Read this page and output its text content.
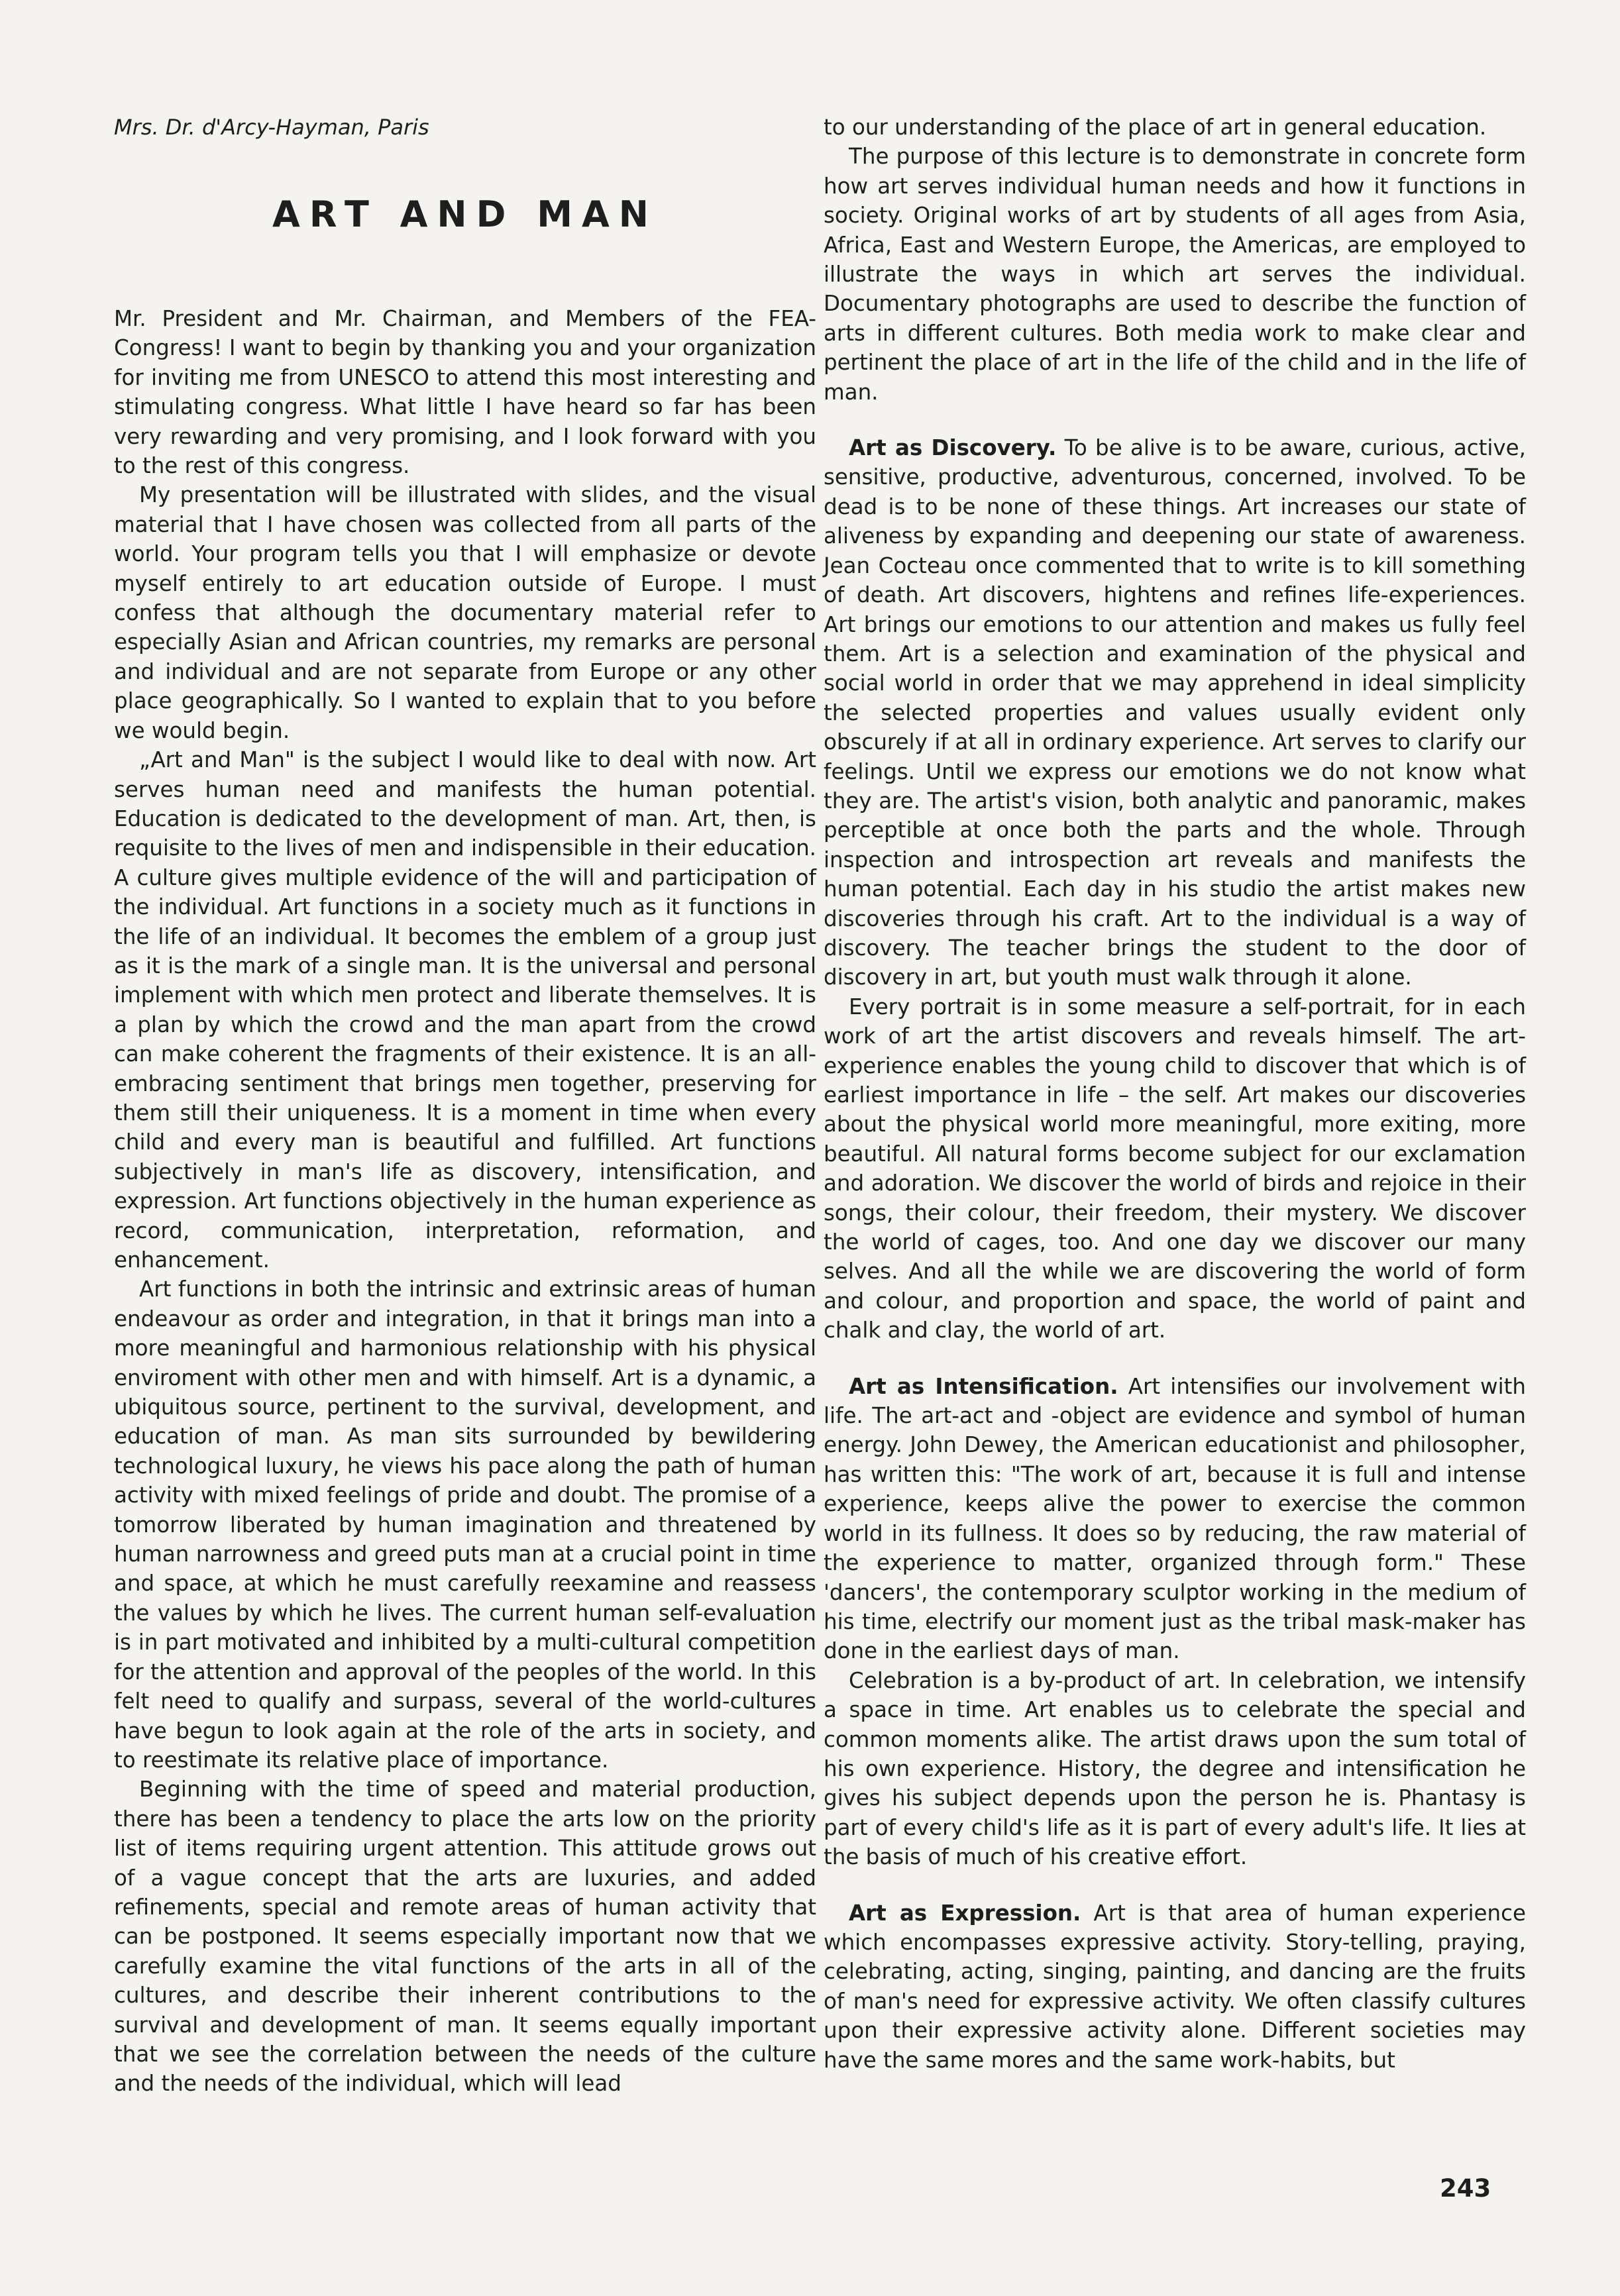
Mrs. Dr. d'Arcy-Hayman, Paris
ART AND MAN

Mr. President and Mr. Chairman, and Members of the FEA-Congress! I want to begin by thanking you and your organization for inviting me from UNESCO to attend this most interesting and stimulating congress. What little I have heard so far has been very rewarding and very promising, and I look forward with you to the rest of this congress.

My presentation will be illustrated with slides, and the visual material that I have chosen was collected from all parts of the world. Your program tells you that I will emphasize or devote myself entirely to art education outside of Europe. I must confess that although the documentary material refer to especially Asian and African countries, my remarks are personal and individual and are not separate from Europe or any other place geographically. So I wanted to explain that to you before we would begin.

„Art and Man" is the subject I would like to deal with now. Art serves human need and manifests the human potential. Education is dedicated to the development of man. Art, then, is requisite to the lives of men and indispensible in their education. A culture gives multiple evidence of the will and participation of the individual. Art functions in a society much as it functions in the life of an individual. It becomes the emblem of a group just as it is the mark of a single man. It is the universal and personal implement with which men protect and liberate themselves. It is a plan by which the crowd and the man apart from the crowd can make coherent the fragments of their existence. It is an all-embracing sentiment that brings men together, preserving for them still their uniqueness. It is a moment in time when every child and every man is beautiful and fulfilled. Art functions subjectively in man's life as discovery, intensification, and expression. Art functions objectively in the human experience as record, communication, interpretation, reformation, and enhancement.

Art functions in both the intrinsic and extrinsic areas of human endeavour as order and integration, in that it brings man into a more meaningful and harmonious relationship with his physical enviroment with other men and with himself. Art is a dynamic, a ubiquitous source, pertinent to the survival, development, and education of man. As man sits surrounded by bewildering technological luxury, he views his pace along the path of human activity with mixed feelings of pride and doubt. The promise of a tomorrow liberated by human imagination and threatened by human narrowness and greed puts man at a crucial point in time and space, at which he must carefully reexamine and reassess the values by which he lives. The current human self-evaluation is in part motivated and inhibited by a multi-cultural competition for the attention and approval of the peoples of the world. In this felt need to qualify and surpass, several of the world-cultures have begun to look again at the role of the arts in society, and to reestimate its relative place of importance.

Beginning with the time of speed and material production, there has been a tendency to place the arts low on the priority list of items requiring urgent attention. This attitude grows out of a vague concept that the arts are luxuries, and added refinements, special and remote areas of human activity that can be postponed. It seems especially important now that we carefully examine the vital functions of the arts in all of the cultures, and describe their inherent contributions to the survival and development of man. It seems equally important that we see the correlation between the needs of the culture and the needs of the individual, which will lead

to our understanding of the place of art in general education.

The purpose of this lecture is to demonstrate in concrete form how art serves individual human needs and how it functions in society. Original works of art by students of all ages from Asia, Africa, East and Western Europe, the Americas, are employed to illustrate the ways in which art serves the individual. Documentary photographs are used to describe the function of arts in different cultures. Both media work to make clear and pertinent the place of art in the life of the child and in the life of man.

Art as Discovery. To be alive is to be aware, curious, active, sensitive, productive, adventurous, concerned, involved. To be dead is to be none of these things. Art increases our state of aliveness by expanding and deepening our state of awareness. Jean Cocteau once commented that to write is to kill something of death. Art discovers, hightens and refines life-experiences. Art brings our emotions to our attention and makes us fully feel them. Art is a selection and examination of the physical and social world in order that we may apprehend in ideal simplicity the selected properties and values usually evident only obscurely if at all in ordinary experience. Art serves to clarify our feelings. Until we express our emotions we do not know what they are. The artist's vision, both analytic and panoramic, makes perceptible at once both the parts and the whole. Through inspection and introspection art reveals and manifests the human potential. Each day in his studio the artist makes new discoveries through his craft. Art to the individual is a way of discovery. The teacher brings the student to the door of discovery in art, but youth must walk through it alone.

Every portrait is in some measure a self-portrait, for in each work of art the artist discovers and reveals himself. The art-experience enables the young child to discover that which is of earliest importance in life – the self. Art makes our discoveries about the physical world more meaningful, more exiting, more beautiful. All natural forms become subject for our exclamation and adoration. We discover the world of birds and rejoice in their songs, their colour, their freedom, their mystery. We discover the world of cages, too. And one day we discover our many selves. And all the while we are discovering the world of form and colour, and proportion and space, the world of paint and chalk and clay, the world of art.

Art as Intensification. Art intensifies our involvement with life. The art-act and -object are evidence and symbol of human energy. John Dewey, the American educationist and philosopher, has written this: "The work of art, because it is full and intense experience, keeps alive the power to exercise the common world in its fullness. It does so by reducing, the raw material of the experience to matter, organized through form." These 'dancers', the contemporary sculptor working in the medium of his time, electrify our moment just as the tribal mask-maker has done in the earliest days of man.

Celebration is a by-product of art. In celebration, we intensify a space in time. Art enables us to celebrate the special and common moments alike. The artist draws upon the sum total of his own experience. History, the degree and intensification he gives his subject depends upon the person he is. Phantasy is part of every child's life as it is part of every adult's life. It lies at the basis of much of his creative effort.

Art as Expression. Art is that area of human experience which encompasses expressive activity. Story-telling, praying, celebrating, acting, singing, painting, and dancing are the fruits of man's need for expressive activity. We often classify cultures upon their expressive activity alone. Different societies may have the same mores and the same work-habits, but

243
